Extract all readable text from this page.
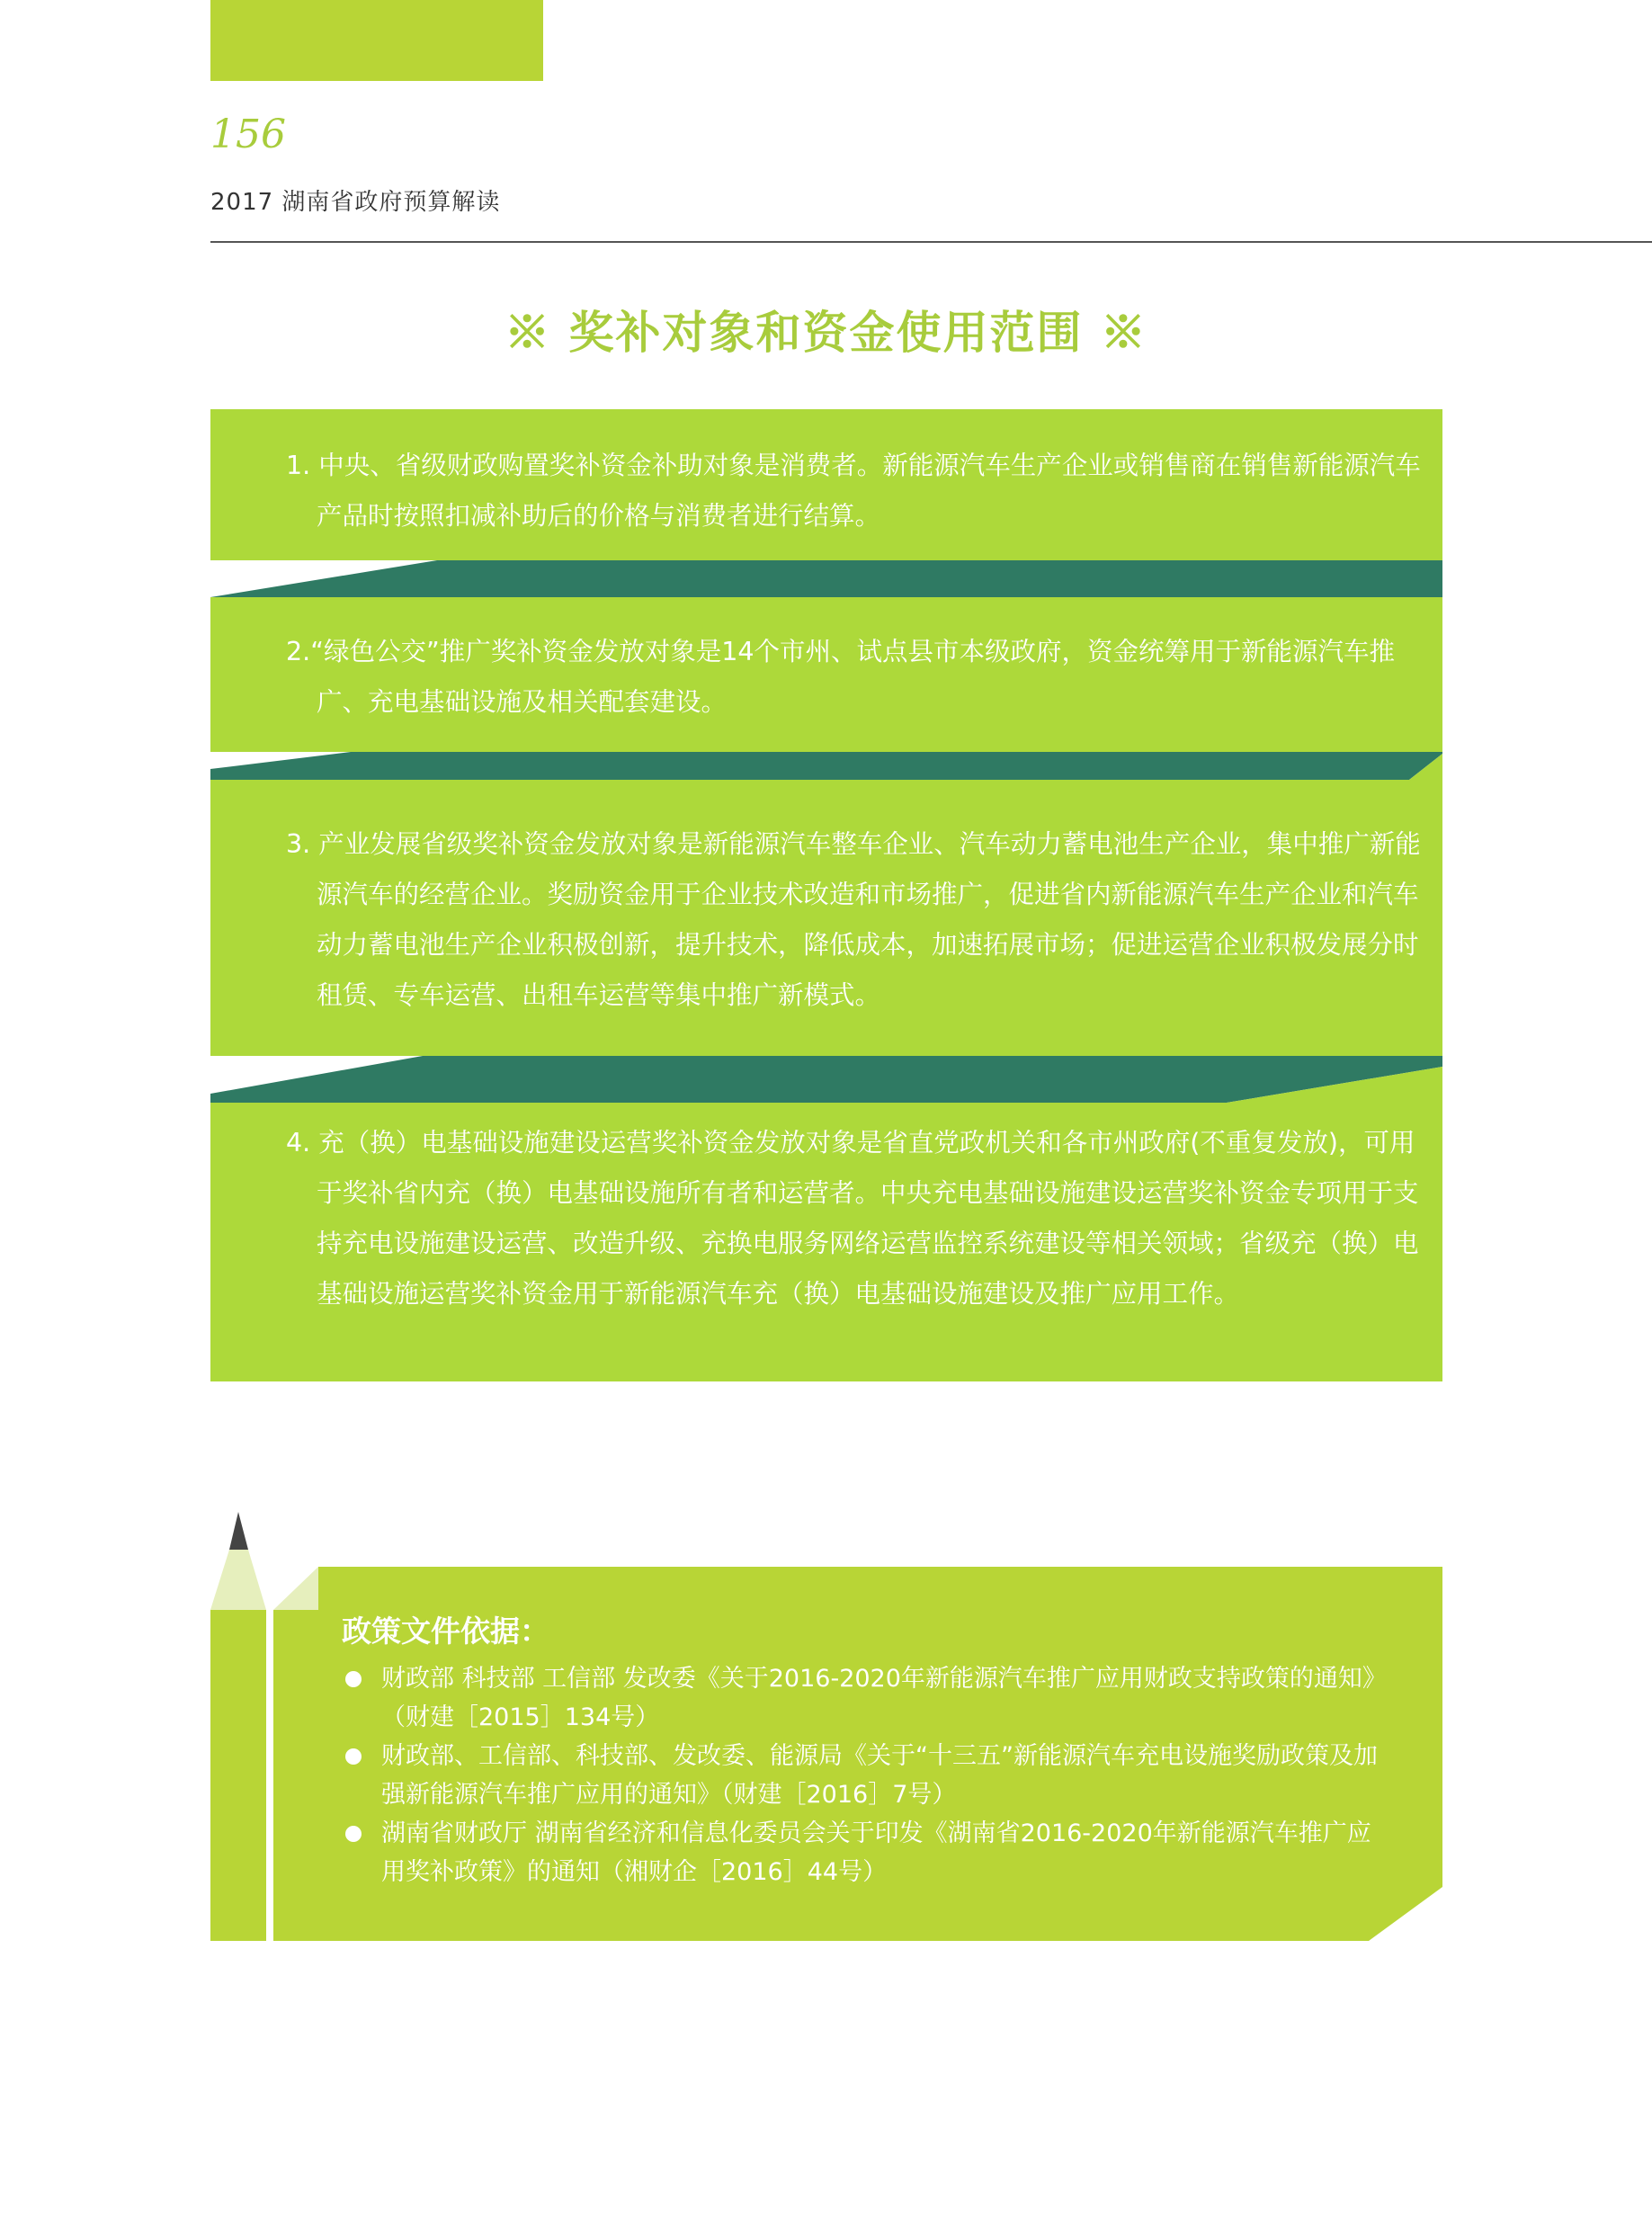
156
2017 湖南省政府预算解读
※ 奖补对象和资金使用范围 ※
1. 中央、省级财政购置奖补资金补助对象是消费者。新能源汽车生产企业或销售商在销售新能源汽车产品时按照扣减补助后的价格与消费者进行结算。
2.“绿色公交”推广奖补资金发放对象是14个市州、试点县市本级政府，资金统筹用于新能源汽车推广、充电基础设施及相关配套建设。
3. 产业发展省级奖补资金发放对象是新能源汽车整车企业、汽车动力蓄电池生产企业，集中推广新能源汽车的经营企业。奖励资金用于企业技术改造和市场推广，促进省内新能源汽车生产企业和汽车动力蓄电池生产企业积极创新，提升技术，降低成本，加速拓展市场；促进运营企业积极发展分时租赁、专车运营、出租车运营等集中推广新模式。
4. 充（换）电基础设施建设运营奖补资金发放对象是省直党政机关和各市州政府(不重复发放)，可用于奖补省内充（换）电基础设施所有者和运营者。中央充电基础设施建设运营奖补资金专项用于支持充电设施建设运营、改造升级、充换电服务网络运营监控系统建设等相关领域；省级充（换）电基础设施运营奖补资金用于新能源汽车充（换）电基础设施建设及推广应用工作。
政策文件依据：
财政部 科技部 工信部 发改委《关于2016-2020年新能源汽车推广应用财政支持政策的通知》（财建［2015］134号）
财政部、工信部、科技部、发改委、能源局《关于“十三五”新能源汽车充电设施奖励政策及加强新能源汽车推广应用的通知》（财建［2016］7号）
湖南省财政厅 湖南省经济和信息化委员会关于印发《湖南省2016-2020年新能源汽车推广应用奖补政策》的通知（湘财企［2016］44号）
